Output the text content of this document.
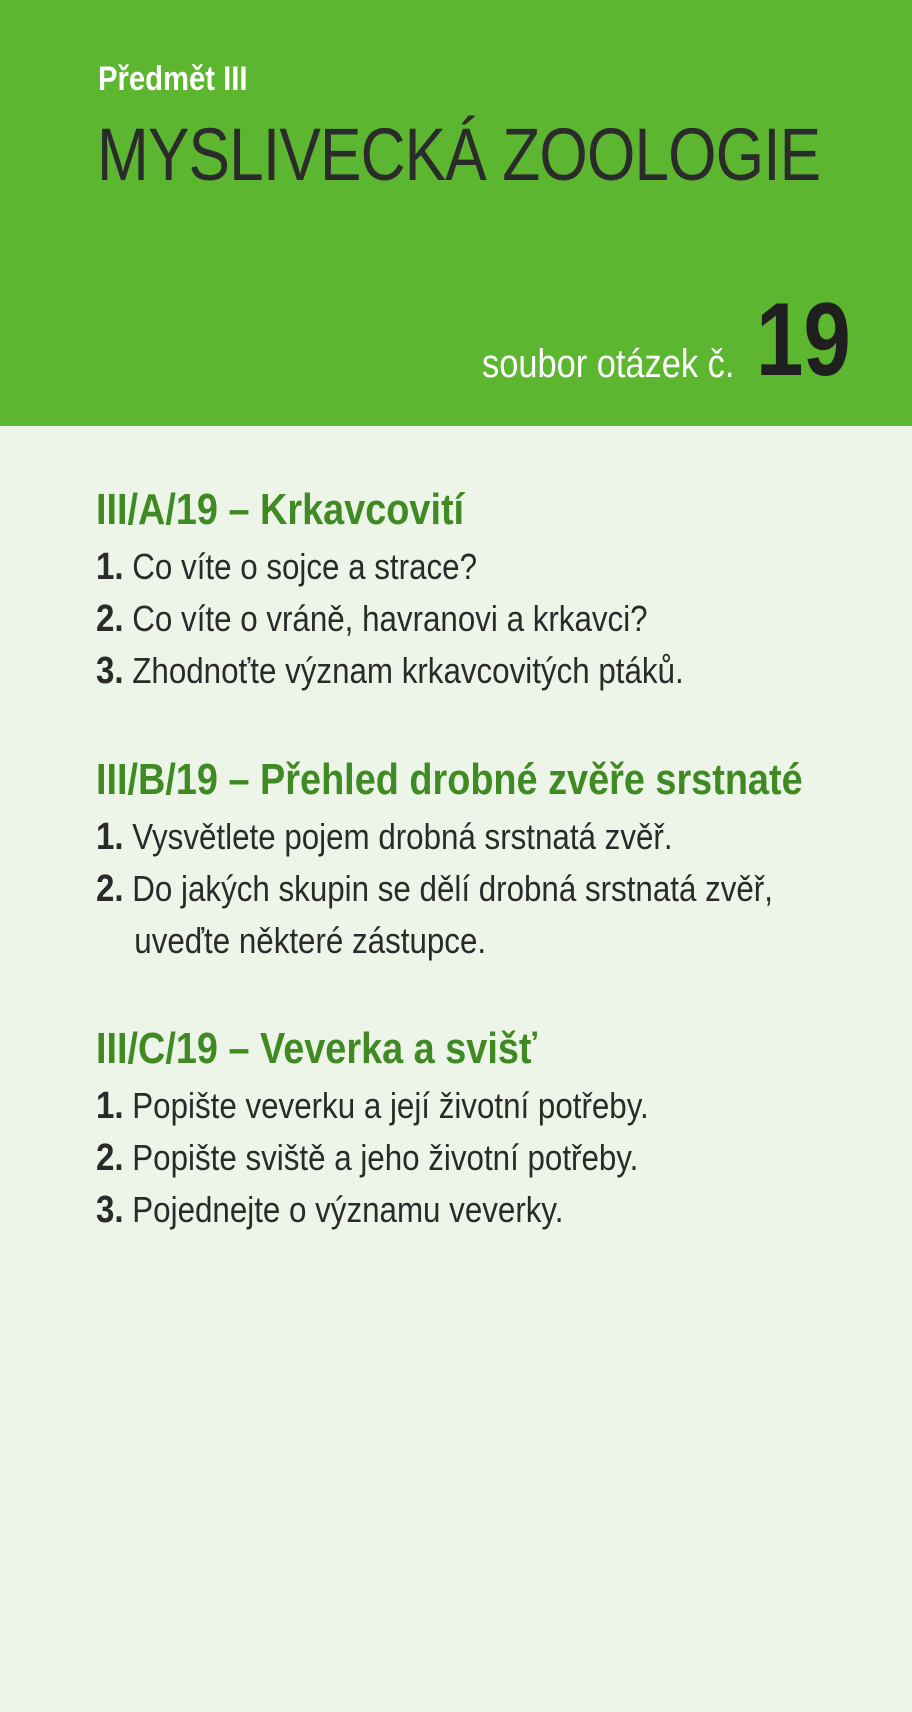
Předmět III
MYSLIVECKÁ ZOOLOGIE
soubor otázek č. 19
III/A/19 – Krkavcovití
1. Co víte o sojce a strace?
2. Co víte o vráně, havranovi a krkavci?
3. Zhodnoťte význam krkavcovitých ptáků.
III/B/19 – Přehled drobné zvěře srstnaté
1. Vysvětlete pojem drobná srstnatá zvěř.
2. Do jakých skupin se dělí drobná srstnatá zvěř,
uveďte některé zástupce.
III/C/19 – Veverka a svišť
1. Popište veverku a její životní potřeby.
2. Popište sviště a jeho životní potřeby.
3. Pojednejte o významu veverky.
